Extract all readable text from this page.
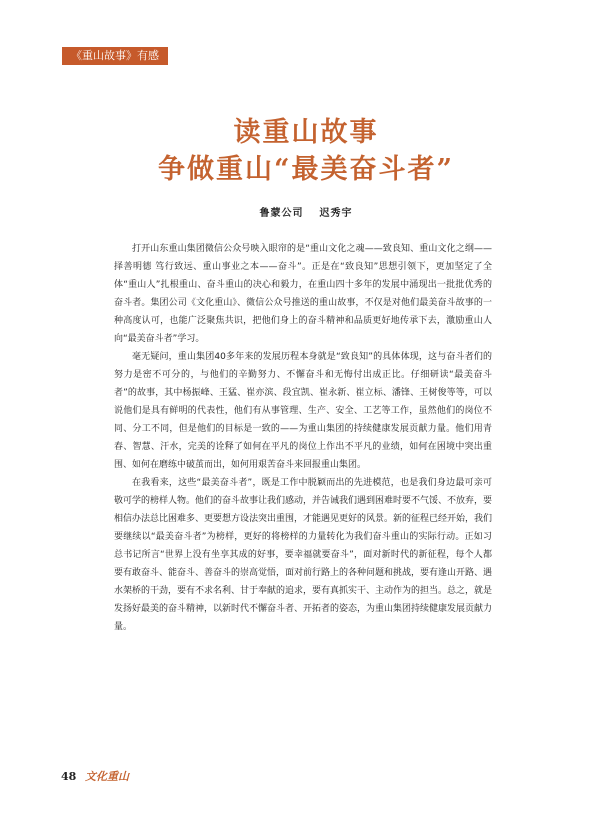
《重山故事》有感
读重山故事
争做重山“最美奋斗者”
鲁蒙公司 迟秀宇

打开山东重山集团微信公众号映入眼帘的是“重山文化之魂——致良知、重山文化之纲——择善明德 笃行致远、重山事业之本——奋斗”。正是在“致良知”思想引领下，更加坚定了全体“重山人”扎根重山、奋斗重山的决心和毅力，在重山四十多年的发展中涌现出一批批优秀的奋斗者。集团公司《文化重山》、微信公众号推送的重山故事，不仅是对他们最美奋斗故事的一种高度认可，也能广泛聚焦共识，把他们身上的奋斗精神和品质更好地传承下去，激励重山人向“最美奋斗者”学习。

毫无疑问，重山集团40多年来的发展历程本身就是“致良知”的具体体现，这与奋斗者们的努力是密不可分的，与他们的辛勤努力、不懈奋斗和无悔付出成正比。仔细研读“最美奋斗者”的故事，其中杨振峰、王猛、崔亦滨、段宜凯、崔永新、崔立标、潘锋、王树俊等等，可以说他们是具有鲜明的代表性，他们有从事管理、生产、安全、工艺等工作，虽然他们的岗位不同、分工不同，但是他们的目标是一致的——为重山集团的持续健康发展贡献力量。他们用青春、智慧、汗水，完美的诠释了如何在平凡的岗位上作出不平凡的业绩，如何在困境中突出重围、如何在磨练中破茧而出，如何用艰苦奋斗来回报重山集团。

在我看来，这些“最美奋斗者”，既是工作中脱颖而出的先进模范，也是我们身边最可亲可敬可学的榜样人物。他们的奋斗故事让我们感动，并告诫我们遇到困难时要不气馁、不放弃，要相信办法总比困难多、更要想方设法突出重围，才能遇见更好的风景。新的征程已经开始，我们要继续以“最美奋斗者”为榜样，更好的将榜样的力量转化为我们奋斗重山的实际行动。正如习总书记所言“世界上没有坐享其成的好事，要幸福就要奋斗”，面对新时代的新征程，每个人都要有敢奋斗、能奋斗、善奋斗的崇高觉悟，面对前行路上的各种问题和挑战，要有逢山开路、遇水架桥的干劲，要有不求名利、甘于奉献的追求，要有真抓实干、主动作为的担当。总之，就是发扬好最美的奋斗精神，以新时代不懈奋斗者、开拓者的姿态，为重山集团持续健康发展贡献力量。

48 文化重山
